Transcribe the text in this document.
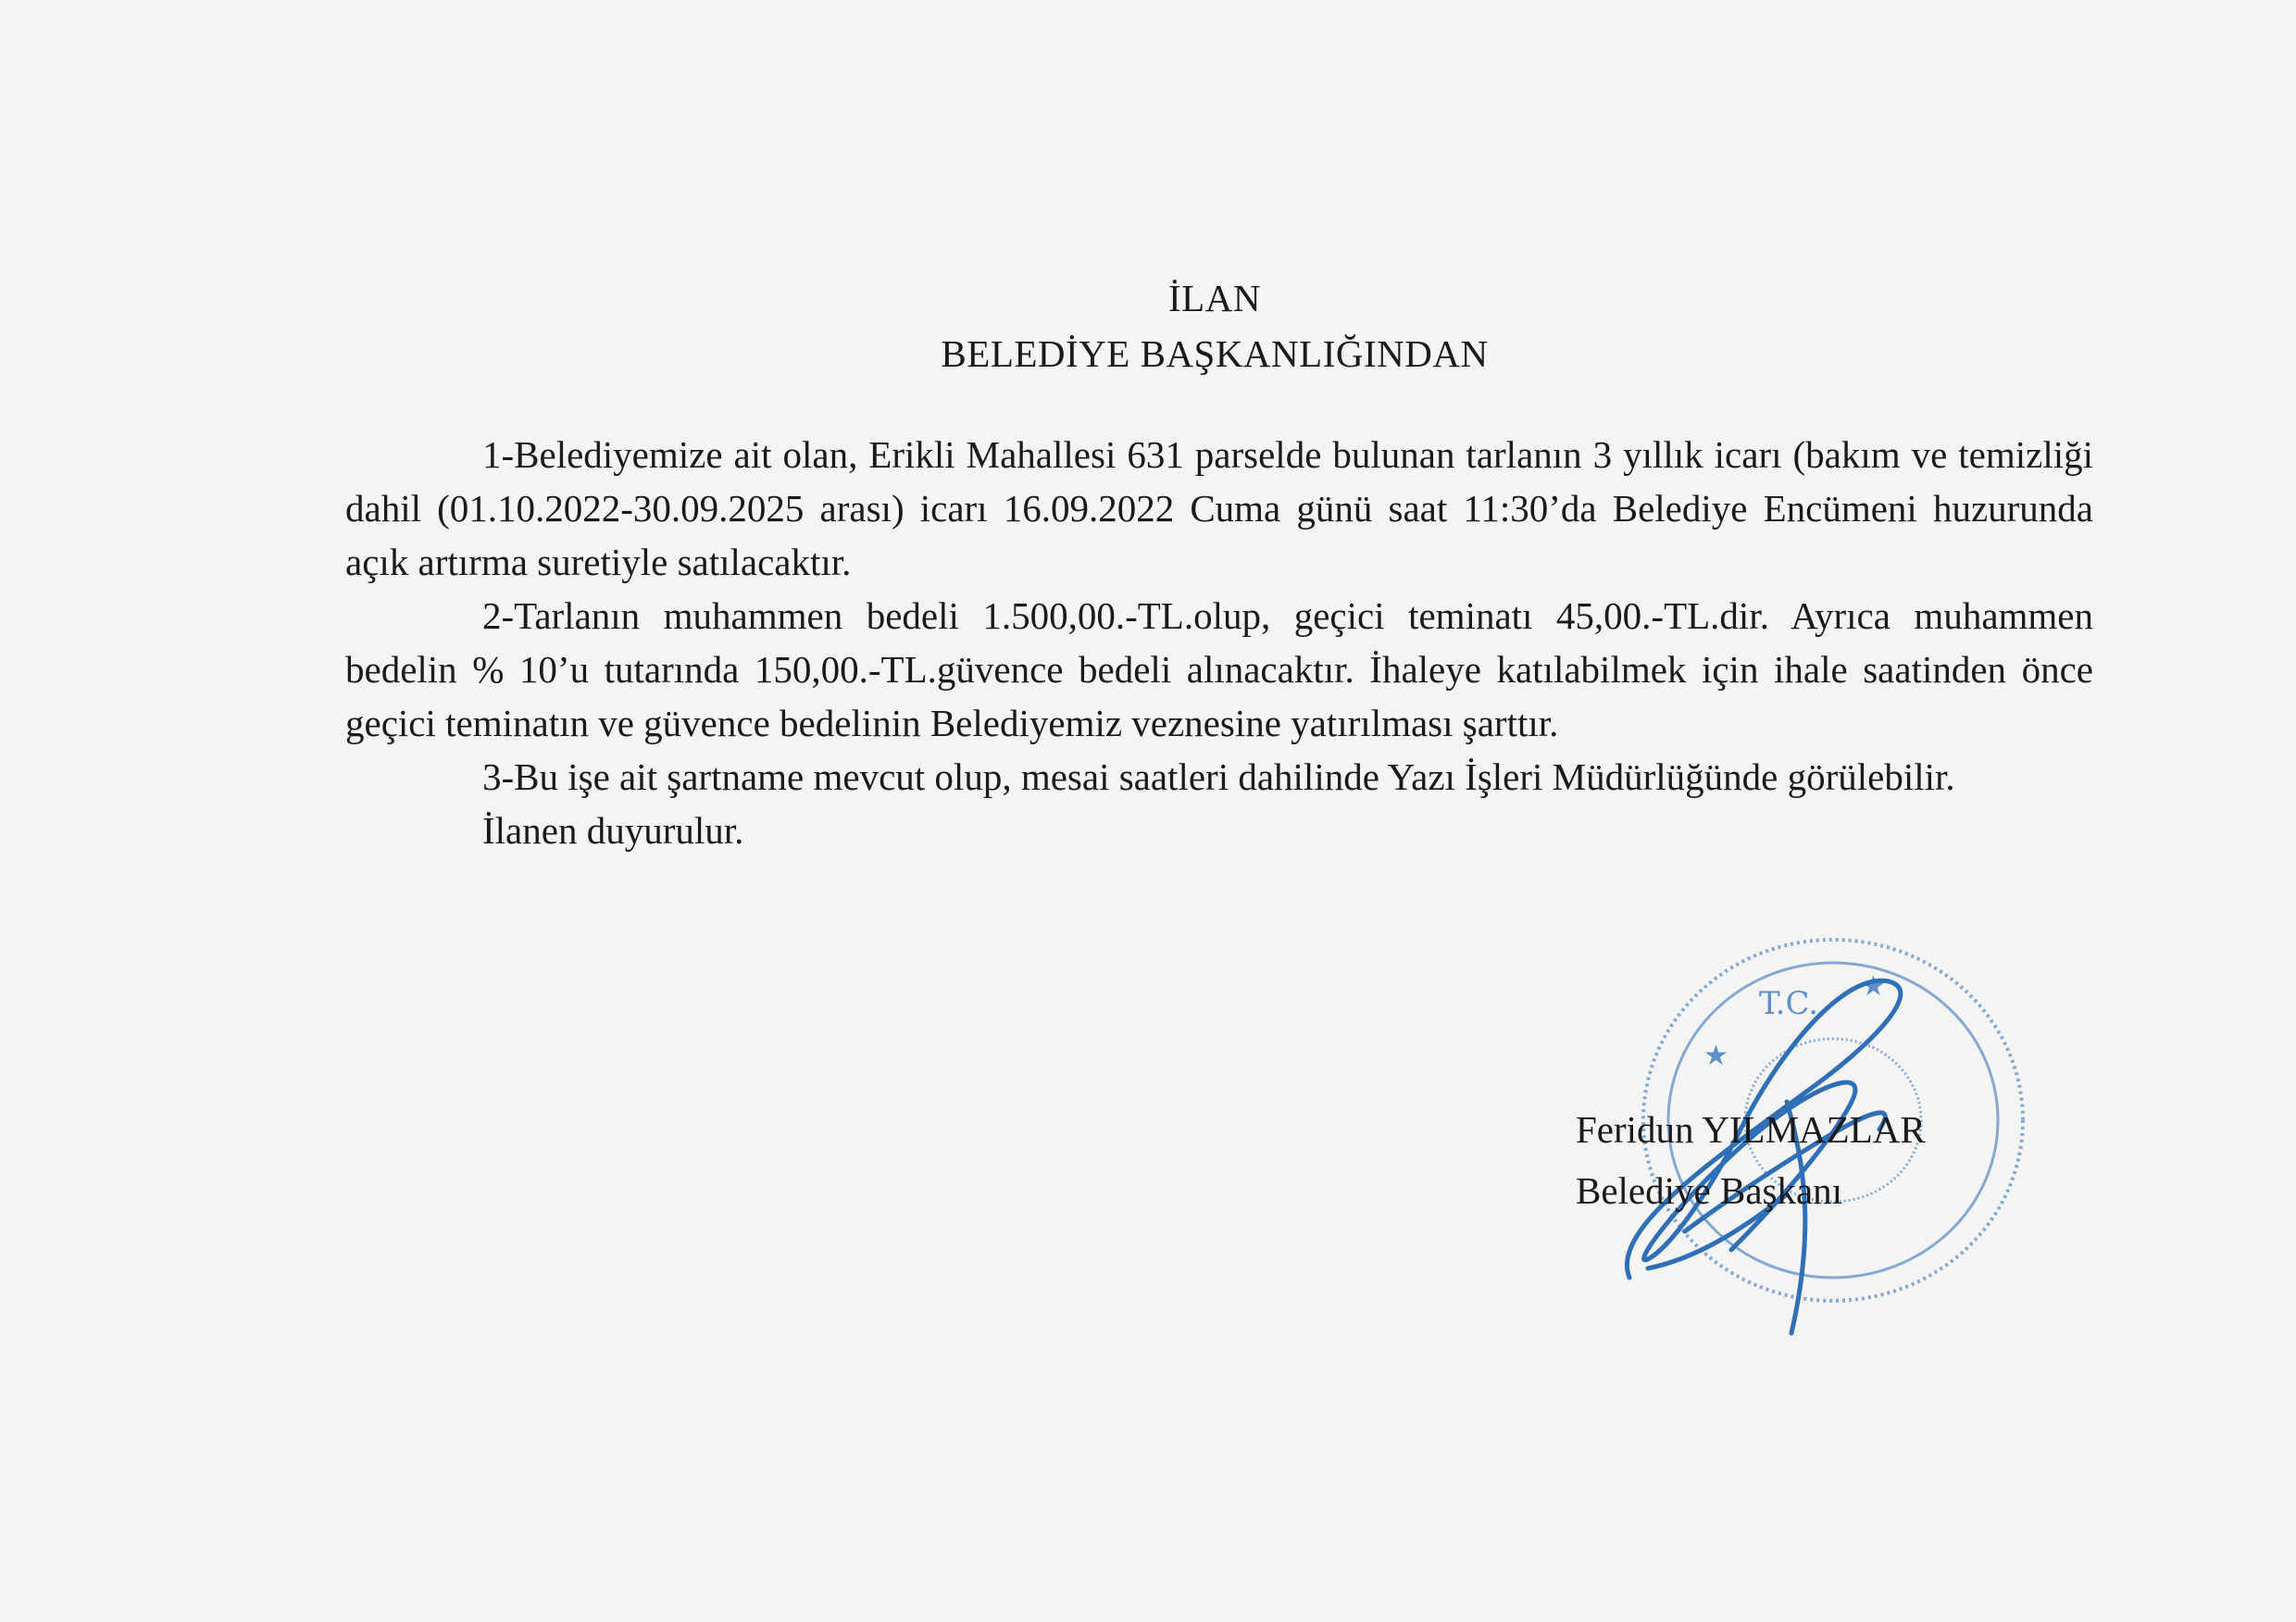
İLAN
BELEDİYE BAŞKANLIĞINDAN

1-Belediyemize ait olan, Erikli Mahallesi 631 parselde bulunan tarlanın 3 yıllık icarı (bakım ve temizliği dahil (01.10.2022-30.09.2025 arası) icarı 16.09.2022 Cuma günü saat 11:30’da Belediye Encümeni huzurunda açık artırma suretiyle satılacaktır.

2-Tarlanın muhammen bedeli 1.500,00.-TL.olup, geçici teminatı 45,00.-TL.dir. Ayrıca muhammen bedelin % 10’u tutarında 150,00.-TL.güvence bedeli alınacaktır. İhaleye katılabilmek için ihale saatinden önce geçici teminatın ve güvence bedelinin Belediyemiz veznesine yatırılması şarttır.

3-Bu işe ait şartname mevcut olup, mesai saatleri dahilinde Yazı İşleri Müdürlüğünde görülebilir.

İlanen duyurulur.

T.C.
★
★
Feridun YILMAZLAR
Belediye Başkanı
